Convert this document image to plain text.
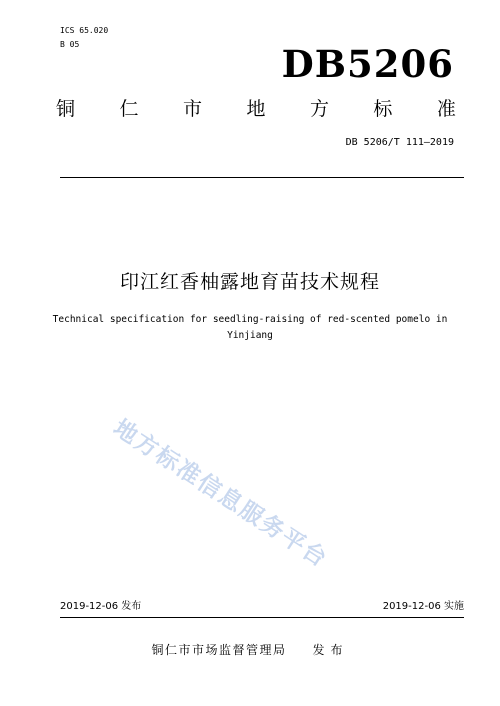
ICS 65.020
B 05	DB5206
铜 仁 市 地 方 标 准
DB 5206/T 111—2019
印江红香柚露地育苗技术规程
Technical specification for seedling-raising of red-scented pomelo in
Yinjiang
地方标准信息服务平台
2019-12-06 发布	2019-12-06 实施
铜仁市市场监督管理局 发布
